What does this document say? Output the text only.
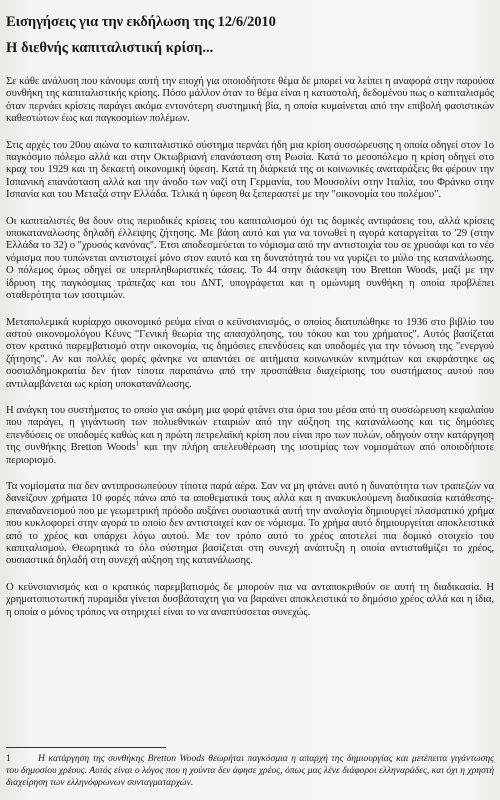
Εισηγήσεις για την εκδήλωση της 12/6/2010
Η διεθνής καπιταλιστική κρίση...

Σε κάθε ανάλυση που κάνουμε αυτή την εποχή για οποιοδήποτε θέμα δε μπορεί να λείπει η αναφορά στην παρούσα συνθήκη της καπιταλιστικής κρίσης. Πόσο μάλλον όταν το θέμα είναι η καταστολή, δεδομένου πως ο καπιταλισμός όταν περνάει κρίσεις παράγει ακόμα εντονότερη συστημική βία, η οποία κυμαίνεται από την επιβολή φασιστικών καθεστώτων έως και παγκοσμίων πολέμων.

Στις αρχές του 20ου αιώνα το καπιταλιστικό σύστημα περνάει ήδη μια κρίση συσσώρευσης η οποία οδηγεί στον 1ο παγκόσμιο πόλεμο αλλά και στην Οκτωβριανή επανάσταση στη Ρωσία. Κατά το μεσοπόλεμο η κρίση οδηγεί στο κραχ του 1929 και τη δεκαετή οικονομική ύφεση. Κατά τη διάρκειά της οι κοινωνικές αναταράξεις θα φέρουν την Ισπανική επανάσταση αλλά και την άνοδο των ναζί στη Γερμανία, του Μουσολίνι στην Ιταλία, του Φράνκο στην Ισπανία και του Μεταξά στην Ελλάδα. Τελικά η ύφεση θα ξεπεραστεί με την "οικονομία του πολέμου".

Οι καπιταλιστές θα δουν στις περιοδικές κρίσεις του καπιταλισμού όχι τις δομικές αντιφάσεις του, αλλά κρίσεις υποκαταναλωσης δηλαδή έλλειψης ζήτησης. Με βάση αυτό και για να τονωθεί η αγορά καταργείται το '29 (στην Ελλάδα το 32) ο "χρυσός κανόνας". Έτσι αποδεσμεύεται το νόμισμα από την αντιστοιχία του σε χρυσάφι και το νέο νόμισμα που τυπώνεται αντιστοιχεί μόνο στον εαυτό και τη δυνατότητά του να γυρίζει το μύλο της κατανάλωσης. Ο πόλεμος όμως οδηγεί σε υπερπληθωριστικές τάσεις. Το 44 στην διάσκεψη του Bretton Woods, μαζί με την ίδρυση της παγκόσμιας τράπεζας και του ΔΝΤ, υπογράφεται και η ομώνυμη συνθήκη η οποία προβλέπει σταθερότητα των ισοτιμιών.

Μεταπολεμικά κυρίαρχο οικονομικό ρεύμα είναι ο κεϋνσιανισμός, ο οποίος διατυπώθηκε το 1936 στο βιβλίο του αστού οικονομολόγου Κέυνς "Γενική θεωρία της απασχόλησης, του τόκου και του χρήματος". Αυτός βασίζεται στον κρατικό παρεμβατισμό στην οικονομία, τις δημόσιες επενδύσεις και υποδομές για την τόνωση της "ενεργού ζήτησης". Αν και πολλές φορές φάνηκε να απαντάει σε αιτήματα κοινωνικών κινημάτων και εκφράστηκε ως σοσιαλδημοκρατία δεν ήταν τίποτα παραπάνω από την προσπάθεια διαχείρισης του συστήματος αυτού που αντιλαμβάνεται ως κρίση υποκατανάλωσης.

Η ανάγκη του συστήματος το οποίο για ακόμη μια φορά φτάνει στα όρια του μέσα από τη συσσώρευση κεφαλαίου που παράγει, η γιγάντωση των πολυεθνικών εταιριών από την αύξηση της κατανάλωσης και τις δημόσιες επενδύσεις σε υποδομές καθώς και η πρώτη πετρελαϊκή κρίση που είναι προ των πυλών, οδηγούν στην κατάργηση της συνθήκης Bretton Woods$^1$ και την πλήρη απελευθέρωση της ισοτιμίας των νομισμάτων από οποιοδήποτε περιορισμό.

Τα νομίσματα πια δεν αντιπροσωπεύουν τίποτα παρά αέρα. Σαν να μη φτάνει αυτό η δυνατότητα των τραπεζών να δανείζουν χρήματα 10 φορές πάνω από τα αποθεματικά τους αλλά και η ανακυκλούμενη διαδικασία κατάθεσης-επαναδανεισμού που με γεωμετρική πρόοδο αυξάνει ουσιαστικά αυτή την αναλογία δημιουργεί πλασματικό χρήμα που κυκλοφορεί στην αγορά το οποίο δεν αντιστοιχεί καν σε νόμισμα. Το χρήμα αυτό δημιουργείται αποκλειστικά από το χρέος και υπάρχει λόγω αυτού. Με τον τρόπο αυτό το χρέος αποτελεί πια δομικό στοιχείο του καπιταλισμού. Θεωρητικά το όλο σύστημα βασίζεται στη συνεχή ανάπτυξη η οποία αντισταθμίζει το χρέος, ουσιαστικά δηλαδή στη συνεχή αύξηση της κατανάλωσης.

Ο κεϋνσιανισμός και ο κρατικός παρεμβατισμός δε μπορούν πια να ανταποκριθούν σε αυτή τη διαδικασία. Η χρηματοπιστωτική πυραμίδα γίνεται δυσβάσταχτη για να βαραίνει αποκλειστικά το δημόσιο χρέος αλλά και η ίδια, η οποία ο μόνος τρόπος να στηριχτεί είναι το να αναπτύσσεται συνεχώς.

1	Η κατάργηση της συνθήκης Bretton Woods θεωρήται παγκόσμια η απαρχή της δημιουργίας και μετέπειτα γιγάντωσης του δημοσίου χρέους. Αυτός είναι ο λόγος που η χούντα δεν άφησε χρέος, όπως μας λένε διάφοροι ελληναράδες, και όχι η χρηστή διαχείρηση των ελληνόφρωνων συνταγματαρχών.
